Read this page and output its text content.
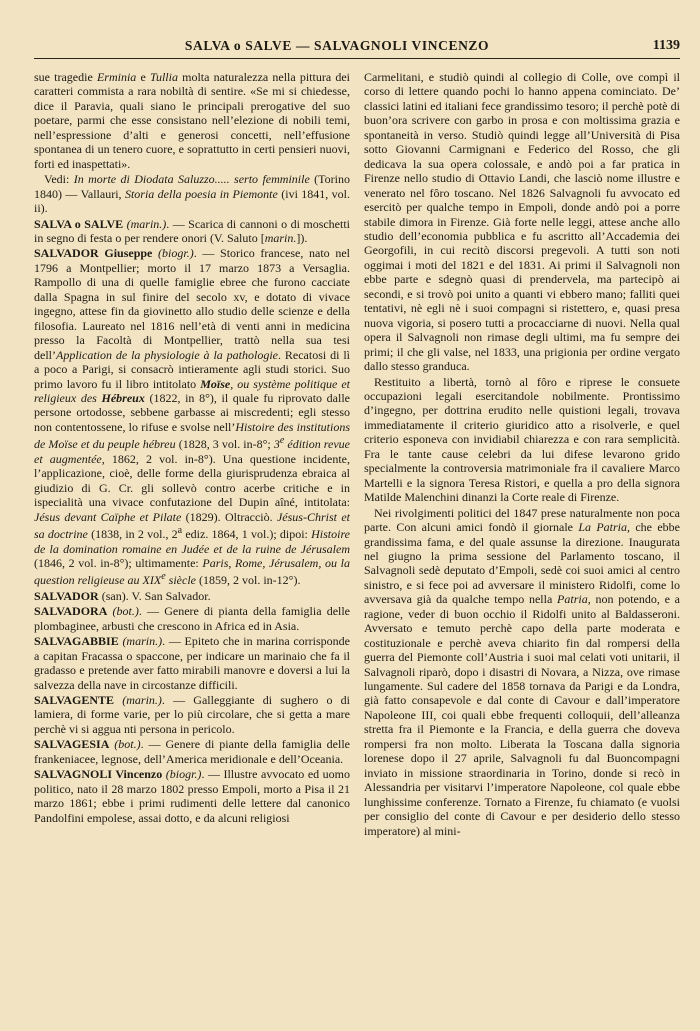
SALVA o SALVE — SALVAGNOLI VINCENZO	1139

sue tragedie Erminia e Tullia molta naturalezza nella pittura dei caratteri commista a rara nobiltà di sentire. «Se mi si chiedesse, dice il Paravia, quali siano le principali prerogative del suo poetare, parmi che esse consistano nell’elezione di nobili temi, nell’espressione d’alti e generosi concetti, nell’effusione spontanea di un tenero cuore, e soprattutto in certi pensieri nuovi, forti ed inaspettati».

Vedi: In morte di Diodata Saluzzo..... serto femminile (Torino 1840) — Vallauri, Storia della poesia in Piemonte (ivi 1841, vol. ii).

SALVA o SALVE (marin.). — Scarica di cannoni o di moschetti in segno di festa o per rendere onori (V. Saluto [marin.]).

SALVADOR Giuseppe (biogr.). — Storico francese, nato nel 1796 a Montpellier; morto il 17 marzo 1873 a Versaglia. Rampollo di una di quelle famiglie ebree che furono cacciate dalla Spagna in sul finire del secolo xv, e dotato di vivace ingegno, attese fin da giovinetto allo studio delle scienze e della filosofia. Laureato nel 1816 nell’età di venti anni in medicina presso la Facoltà di Montpellier, trattò nella sua tesi dell’Application de la physiologie à la pathologie. Recatosi di lì a poco a Parigi, si consacrò intieramente agli studi storici. Suo primo lavoro fu il libro intitolato Moïse, ou système politique et religieux des Hébreux (1822, in 8°), il quale fu riprovato dalle persone ortodosse, sebbene garbasse ai miscredenti; egli stesso non contentossene, lo rifuse e svolse nell’Histoire des institutions de Moïse et du peuple hébreu (1828, 3 vol. in-8°; 3e édition revue et augmentée, 1862, 2 vol. in-8°). Una questione incidente, l’applicazione, cioè, delle forme della giurisprudenza ebraica al giudizio di G. Cr. gli sollevò contro acerbe critiche e in ispecialità una vivace confutazione del Dupin aîné, intitolata: Jésus devant Caïphe et Pilate (1829). Oltracciò. Jésus-Christ et sa doctrine (1838, in 2 vol., 2$^a$ ediz. 1864, 1 vol.); dipoi: Histoire de la domination romaine en Judée et de la ruine de Jérusalem (1846, 2 vol. in-8°); ultimamente: Paris, Rome, Jérusalem, ou la question religieuse au XIXe siècle (1859, 2 vol. in-12°).

SALVADOR (san). V. San Salvador.

SALVADORA (bot.). — Genere di pianta della famiglia delle plombaginee, arbusti che crescono in Africa ed in Asia.

SALVAGABBIE (marin.). — Epiteto che in marina corrisponde a capitan Fracassa o spaccone, per indicare un marinaio che fa il gradasso e pretende aver fatto mirabili manovre e doversi a lui la salvezza della nave in circostanze difficili.

SALVAGENTE (marin.). — Galleggiante di sughero o di lamiera, di forme varie, per lo più circolare, che si getta a mare perchè vi si aggua nti persona in pericolo.

SALVAGESIA (bot.). — Genere di piante della famiglia delle frankeniacee, legnose, dell’America meridionale e dell’Oceania.

SALVAGNOLI Vincenzo (biogr.). — Illustre avvocato ed uomo politico, nato il 28 marzo 1802 presso Empoli, morto a Pisa il 21 marzo 1861; ebbe i primi rudimenti delle lettere dal canonico Pandolfini empolese, assai dotto, e da alcuni religiosi

Carmelitani, e studiò quindi al collegio di Colle, ove compì il corso di lettere quando pochi lo hanno appena cominciato. De’ classici latini ed italiani fece grandissimo tesoro; il perchè potè di buon’ora scrivere con garbo in prosa e con moltissima grazia e spontaneità in verso. Studiò quindi legge all’Università di Pisa sotto Giovanni Carmignani e Federico del Rosso, che gli dedicava la sua opera colossale, e andò poi a far pratica in Firenze nello studio di Ottavio Landi, che lasciò nome illustre e venerato nel fôro toscano. Nel 1826 Salvagnoli fu avvocato ed esercitò per qualche tempo in Empoli, donde andò poi a porre stabile dimora in Firenze. Già forte nelle leggi, attese anche allo studio dell’economia pubblica e fu ascritto all’Accademia dei Georgofili, in cui recitò discorsi pregevoli. A tutti son noti oggimai i moti del 1821 e del 1831. Ai primi il Salvagnoli non ebbe parte e sdegnò quasi di prendervela, ma partecipò ai secondi, e si trovò poi unito a quanti vi ebbero mano; falliti quei tentativi, nè egli nè i suoi compagni si ristettero, e, quasi presa nuova vigoria, si posero tutti a procacciarne di nuovi. Nella qual opera il Salvagnoli non rimase degli ultimi, ma fu sempre dei primi; il che gli valse, nel 1833, una prigionia per ordine vergato dallo stesso granduca.

Restituito a libertà, tornò al fôro e riprese le consuete occupazioni legali esercitandole nobilmente. Prontissimo d’ingegno, per dottrina erudito nelle quistioni legali, trovava immediatamente il criterio giuridico atto a risolverle, e quel criterio esponeva con invidiabil chiarezza e con rara semplicità. Fra le tante cause celebri da lui difese levarono grido specialmente la controversia matrimoniale fra il cavaliere Marco Martelli e la signora Teresa Ristori, e quella a pro della signora Matilde Malenchini dinanzi la Corte reale di Firenze.

Nei rivolgimenti politici del 1847 prese naturalmente non poca parte. Con alcuni amici fondò il giornale La Patria, che ebbe grandissima fama, e del quale assunse la direzione. Inaugurata nel giugno la prima sessione del Parlamento toscano, il Salvagnoli sedè deputato d’Empoli, sedè coi suoi amici al centro sinistro, e si fece poi ad avversare il ministero Ridolfi, come lo avversava già da qualche tempo nella Patria, non potendo, e a ragione, veder di buon occhio il Ridolfi unito al Baldasseroni. Avversato e temuto perchè capo della parte moderata e costituzionale e perchè aveva chiarito fin dal rompersi della guerra del Piemonte coll’Austria i suoi mal celati voti unitarii, il Salvagnoli riparò, dopo i disastri di Novara, a Nizza, ove rimase lungamente. Sul cadere del 1858 tornava da Parigi e da Londra, già fatto consapevole e dal conte di Cavour e dall’imperatore Napoleone III, coi quali ebbe frequenti colloquii, dell’alleanza stretta fra il Piemonte e la Francia, e della guerra che doveva rompersi fra non molto. Liberata la Toscana dalla signoria lorenese dopo il 27 aprile, Salvagnoli fu dal Buoncompagni inviato in missione straordinaria in Torino, donde si recò in Alessandria per visitarvi l’imperatore Napoleone, col quale ebbe lunghissime conferenze. Tornato a Firenze, fu chiamato (e vuolsi per consiglio del conte di Cavour e per desiderio dello stesso imperatore) al mini-
